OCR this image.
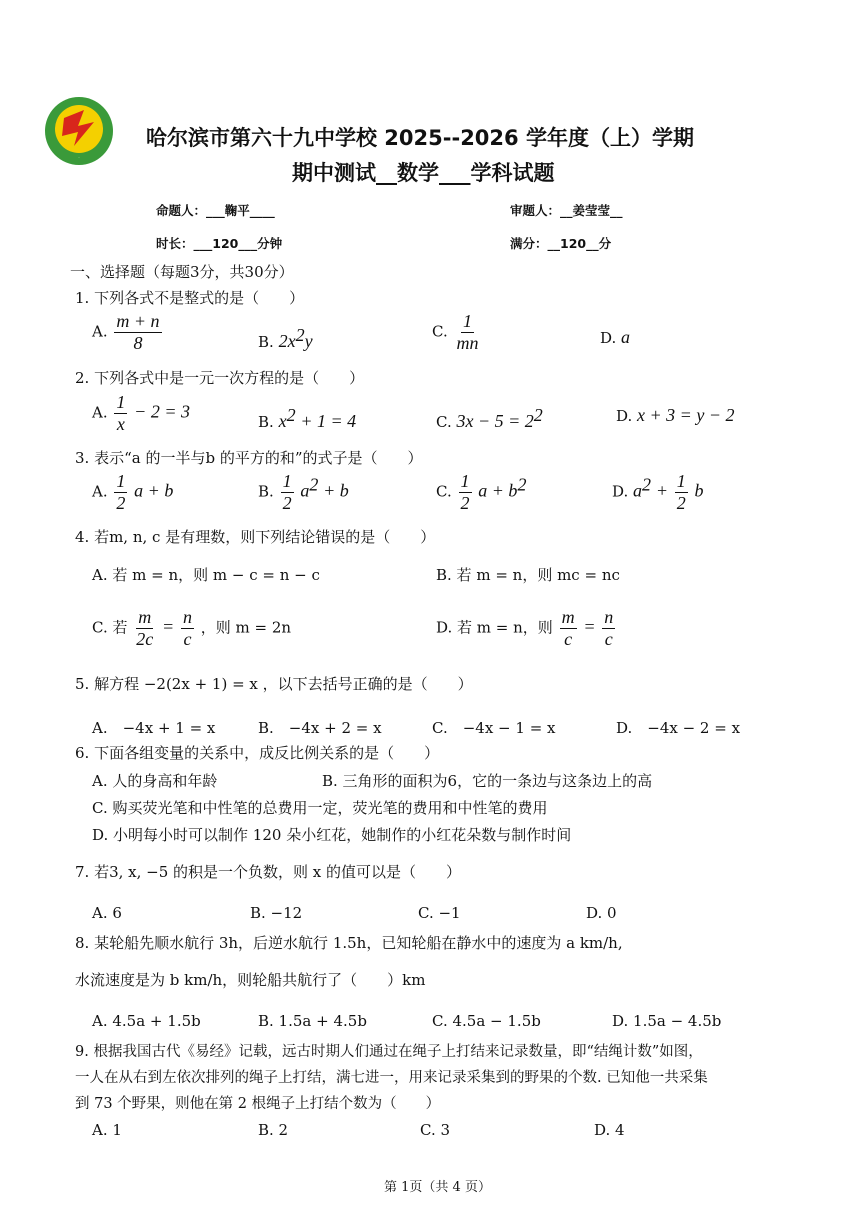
.
哈尔滨市第六十九中学校 2025--2026 学年度（上）学期
期中测试__数学___学科试题
命题人：___鞠平____	审题人：__姜莹莹__
时长：___120___分钟	满分：__120__分
一、选择题（每题3分，共30分）
1. 下列各式不是整式的是（　　）
A. $\frac{m + n}{8}$	B. $2x^2y$	C. $\frac{1}{mn}$	D. a
2. 下列各式中是一元一次方程的是（　　）
A. $\frac{1}{x} - 2 = 3$
B. $x^2 + 1 = 4$	C. $3x - 5 = 2^2$	D. x + 3 = y − 2
3. 表示“a 的一半与b 的平方的和”的式子是（　　）
A. $\frac{1}{2}$ a + b	B. $\frac{1}{2} a^2 + b$	C. $\frac{1}{2}$ $a + b^2$	D. $a^2 + \frac{1}{2}$ b
4. 若m, n, c 是有理数，则下列结论错误的是（　　）
A. 若 m = n，则 m − c = n − c	B. 若 m = n，则 mc = nc
C. 若 $\frac{m}{2c} = \frac{n}{c}$ ，则 m = 2n	D. 若 m = n，则 $\frac{m}{c} = \frac{n}{c}$
5. 解方程 −2(2x + 1) = x ，以下去括号正确的是（　　）
A.　−4x + 1 = x	B.　−4x + 2 = x	C.　−4x − 1 = x	D.　−4x − 2 = x
6. 下面各组变量的关系中，成反比例关系的是（　　）
A. 人的身高和年龄	B. 三角形的面积为6，它的一条边与这条边上的高
C. 购买荧光笔和中性笔的总费用一定，荧光笔的费用和中性笔的费用
D. 小明每小时可以制作 120 朵小红花，她制作的小红花朵数与制作时间
7. 若3, x, −5 的积是一个负数，则 x 的值可以是（　　）
A. 6	B. −12	C. −1	D. 0
8. 某轮船先顺水航行 3h，后逆水航行 1.5h，已知轮船在静水中的速度为 a km/h,
水流速度是为 b km/h，则轮船共航行了（　　）km
A. 4.5a + 1.5b	B. 1.5a + 4.5b	C. 4.5a − 1.5b	D. 1.5a − 4.5b
9. 根据我国古代《易经》记载，远古时期人们通过在绳子上打结来记录数量，即“结绳计数”如图，
一人在从右到左依次排列的绳子上打结，满七进一，用来记录采集到的野果的个数. 已知他一共采集
到 73 个野果，则他在第 2 根绳子上打结个数为（　　）
A. 1	B. 2	C. 3	D. 4
第 1页（共 4 页）
